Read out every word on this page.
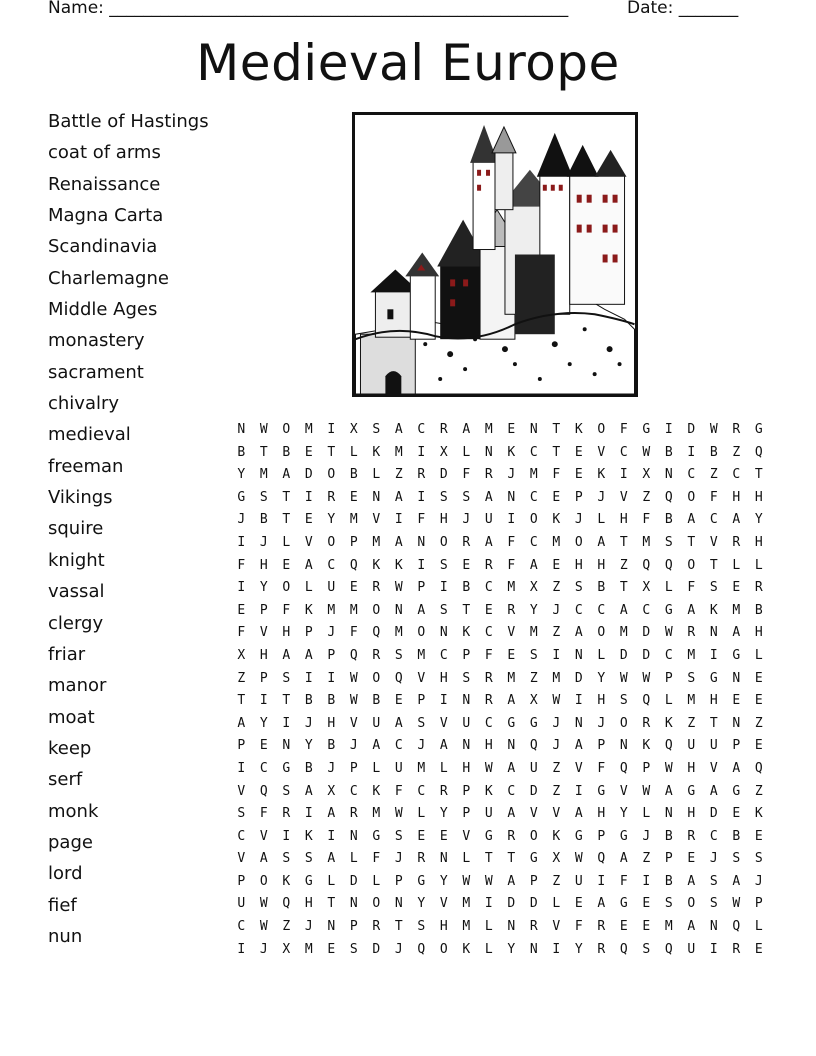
Name: ______________________________________________________	Date: _______
Medieval Europe
Battle of Hastings
coat of arms
Renaissance
Magna Carta
Scandinavia
Charlemagne
Middle Ages
monastery
sacrament
chivalry
medieval
freeman
Vikings
squire
knight
vassal
clergy
friar
manor
moat
keep
serf
monk
page
lord
fief
nun
N	W	O	M	I	X	S	A	C	R	A	M	E	N	T	K	O	F	G	I	D	W	R	G
B	T	B	E	T	L	K	M	I	X	L	N	K	C	T	E	V	C	W	B	I	B	Z	Q
Y	M	A	D	O	B	L	Z	R	D	F	R	J	M	F	E	K	I	X	N	C	Z	C	T
G	S	T	I	R	E	N	A	I	S	S	A	N	C	E	P	J	V	Z	Q	O	F	H	H
J	B	T	E	Y	M	V	I	F	H	J	U	I	O	K	J	L	H	F	B	A	C	A	Y
I	J	L	V	O	P	M	A	N	O	R	A	F	C	M	O	A	T	M	S	T	V	R	H
F	H	E	A	C	Q	K	K	I	S	E	R	F	A	E	H	H	Z	Q	Q	O	T	L	L
I	Y	O	L	U	E	R	W	P	I	B	C	M	X	Z	S	B	T	X	L	F	S	E	R
E	P	F	K	M	M	O	N	A	S	T	E	R	Y	J	C	C	A	C	G	A	K	M	B
F	V	H	P	J	F	Q	M	O	N	K	C	V	M	Z	A	O	M	D	W	R	N	A	H
X	H	A	A	P	Q	R	S	M	C	P	F	E	S	I	N	L	D	D	C	M	I	G	L
Z	P	S	I	I	W	O	Q	V	H	S	R	M	Z	M	D	Y	W	W	P	S	G	N	E
T	I	T	B	B	W	B	E	P	I	N	R	A	X	W	I	H	S	Q	L	M	H	E	E
A	Y	I	J	H	V	U	A	S	V	U	C	G	G	J	N	J	O	R	K	Z	T	N	Z
P	E	N	Y	B	J	A	C	J	A	N	H	N	Q	J	A	P	N	K	Q	U	U	P	E
I	C	G	B	J	P	L	U	M	L	H	W	A	U	Z	V	F	Q	P	W	H	V	A	Q
V	Q	S	A	X	C	K	F	C	R	P	K	C	D	Z	I	G	V	W	A	G	A	G	Z
S	F	R	I	A	R	M	W	L	Y	P	U	A	V	V	A	H	Y	L	N	H	D	E	K
C	V	I	K	I	N	G	S	E	E	V	G	R	O	K	G	P	G	J	B	R	C	B	E
V	A	S	S	A	L	F	J	R	N	L	T	T	G	X	W	Q	A	Z	P	E	J	S	S
P	O	K	G	L	D	L	P	G	Y	W	W	A	P	Z	U	I	F	I	B	A	S	A	J
U	W	Q	H	T	N	O	N	Y	V	M	I	D	D	L	E	A	G	E	S	O	S	W	P
C	W	Z	J	N	P	R	T	S	H	M	L	N	R	V	F	R	E	E	M	A	N	Q	L
I	J	X	M	E	S	D	J	Q	O	K	L	Y	N	I	Y	R	Q	S	Q	U	I	R	E
